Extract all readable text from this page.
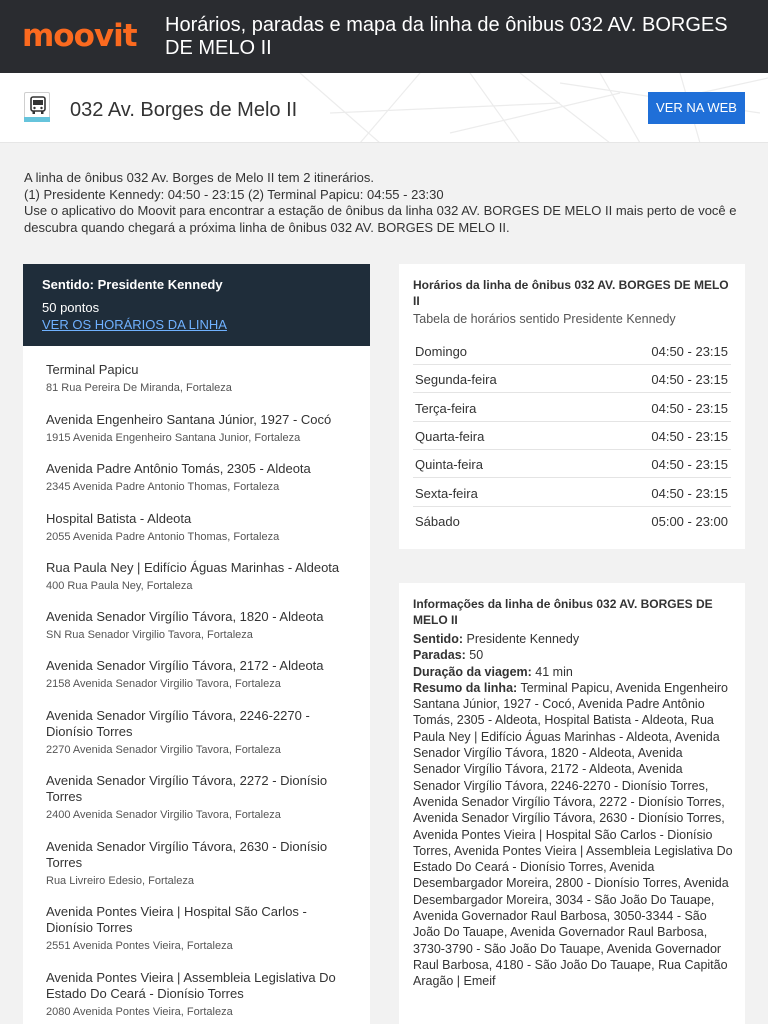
moovit Horários, paradas e mapa da linha de ônibus 032 AV. BORGES DE MELO II
032 Av. Borges de Melo II	VER NA WEB
A linha de ônibus 032 Av. Borges de Melo II tem 2 itinerários.
(1) Presidente Kennedy: 04:50 - 23:15 (2) Terminal Papicu: 04:55 - 23:30
Use o aplicativo do Moovit para encontrar a estação de ônibus da linha 032 AV. BORGES DE MELO II mais perto de você e descubra quando chegará a próxima linha de ônibus 032 AV. BORGES DE MELO II.
Sentido: Presidente Kennedy
50 pontos
VER OS HORÁRIOS DA LINHA
Terminal Papicu
81 Rua Pereira De Miranda, Fortaleza
Avenida Engenheiro Santana Júnior, 1927 - Cocó
1915 Avenida Engenheiro Santana Junior, Fortaleza
Avenida Padre Antônio Tomás, 2305 - Aldeota
2345 Avenida Padre Antonio Thomas, Fortaleza
Hospital Batista - Aldeota
2055 Avenida Padre Antonio Thomas, Fortaleza
Rua Paula Ney | Edifício Águas Marinhas - Aldeota
400 Rua Paula Ney, Fortaleza
Avenida Senador Virgílio Távora, 1820 - Aldeota
SN Rua Senador Virgilio Tavora, Fortaleza
Avenida Senador Virgílio Távora, 2172 - Aldeota
2158 Avenida Senador Virgilio Tavora, Fortaleza
Avenida Senador Virgílio Távora, 2246-2270 - Dionísio Torres
2270 Avenida Senador Virgilio Tavora, Fortaleza
Avenida Senador Virgílio Távora, 2272 - Dionísio Torres
2400 Avenida Senador Virgilio Tavora, Fortaleza
Avenida Senador Virgílio Távora, 2630 - Dionísio Torres
Rua Livreiro Edesio, Fortaleza
Avenida Pontes Vieira | Hospital São Carlos - Dionísio Torres
2551 Avenida Pontes Vieira, Fortaleza
Avenida Pontes Vieira | Assembleia Legislativa Do Estado Do Ceará - Dionísio Torres
2080 Avenida Pontes Vieira, Fortaleza
Horários da linha de ônibus 032 AV. BORGES DE MELO II
Tabela de horários sentido Presidente Kennedy
Domingo	04:50 - 23:15
Segunda-feira	04:50 - 23:15
Terça-feira	04:50 - 23:15
Quarta-feira	04:50 - 23:15
Quinta-feira	04:50 - 23:15
Sexta-feira	04:50 - 23:15
Sábado	05:00 - 23:00
Informações da linha de ônibus 032 AV. BORGES DE MELO II
Sentido: Presidente Kennedy
Paradas: 50
Duração da viagem: 41 min
Resumo da linha: Terminal Papicu, Avenida Engenheiro Santana Júnior, 1927 - Cocó, Avenida Padre Antônio Tomás, 2305 - Aldeota, Hospital Batista - Aldeota, Rua Paula Ney | Edifício Águas Marinhas - Aldeota, Avenida Senador Virgílio Távora, 1820 - Aldeota, Avenida Senador Virgílio Távora, 2172 - Aldeota, Avenida Senador Virgílio Távora, 2246-2270 - Dionísio Torres, Avenida Senador Virgílio Távora, 2272 - Dionísio Torres, Avenida Senador Virgílio Távora, 2630 - Dionísio Torres, Avenida Pontes Vieira | Hospital São Carlos - Dionísio Torres, Avenida Pontes Vieira | Assembleia Legislativa Do Estado Do Ceará - Dionísio Torres, Avenida Desembargador Moreira, 2800 - Dionísio Torres, Avenida Desembargador Moreira, 3034 - São João Do Tauape, Avenida Governador Raul Barbosa, 3050-3344 - São João Do Tauape, Avenida Governador Raul Barbosa, 3730-3790 - São João Do Tauape, Avenida Governador Raul Barbosa, 4180 - São João Do Tauape, Rua Capitão Aragão | Emeif
